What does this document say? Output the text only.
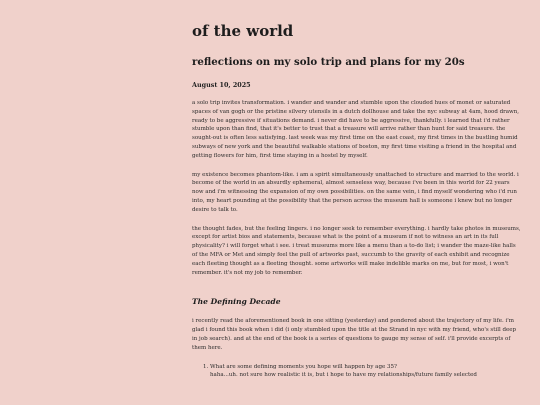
of the world
reflections on my solo trip and plans for my 20s
August 10, 2025

a solo trip invites transformation. i wander and wander and stumble upon the clouded hues of monet or saturated spaces of van gogh or the pristine silvery utensils in a dutch dollhouse and take the nyc subway at 4am, hood drawn, ready to be aggressive if situations demand. i never did have to be aggressive, thankfully. i learned that i'd rather stumble upon than find, that it's better to trust that a treasure will arrive rather than hunt for said treasure. the sought-out is often less satisfying. last week was my first time on the east coast, my first times in the bustling humid subways of new york and the beautiful walkable stations of boston, my first time visiting a friend in the hospital and getting flowers for him, first time staying in a hostel by myself.

my existence becomes phantom-like. i am a spirit simultaneously unattached to structure and married to the world. i become of the world in an absurdly ephemeral, almost senseless way, because i've been in this world for 22 years now and i'm witnessing the expansion of my own possibilities. on the same vein, i find myself wondering who i'd run into, my heart pounding at the possibility that the person across the museum hall is someone i knew but no longer desire to talk to.

the thought fades, but the feeling lingers. i no longer seek to remember everything. i hardly take photos in museums, except for artist bios and statements, because what is the point of a museum if not to witness an art in its full physicality? i will forget what i see. i treat museums more like a menu than a to-do list; i wander the maze-like halls of the MFA or Met and simply feel the pull of artworks past, succumb to the gravity of each exhibit and recognize each fleeting thought as a fleeting thought. some artworks will make indelible marks on me, but for most, i won't remember. it's not my job to remember.

The Defining Decade

i recently read the aforementioned book in one sitting (yesterday) and pondered about the trajectory of my life. i'm glad i found this book when i did (i only stumbled upon the title at the Strand in nyc with my friend, who's still deep in job search). and at the end of the book is a series of questions to gauge my sense of self. i'll provide excerpts of them here.

1. What are some defining moments you hope will happen by age 35?
haha...uh. not sure how realistic it is, but i hope to have my relationships/future family selected
